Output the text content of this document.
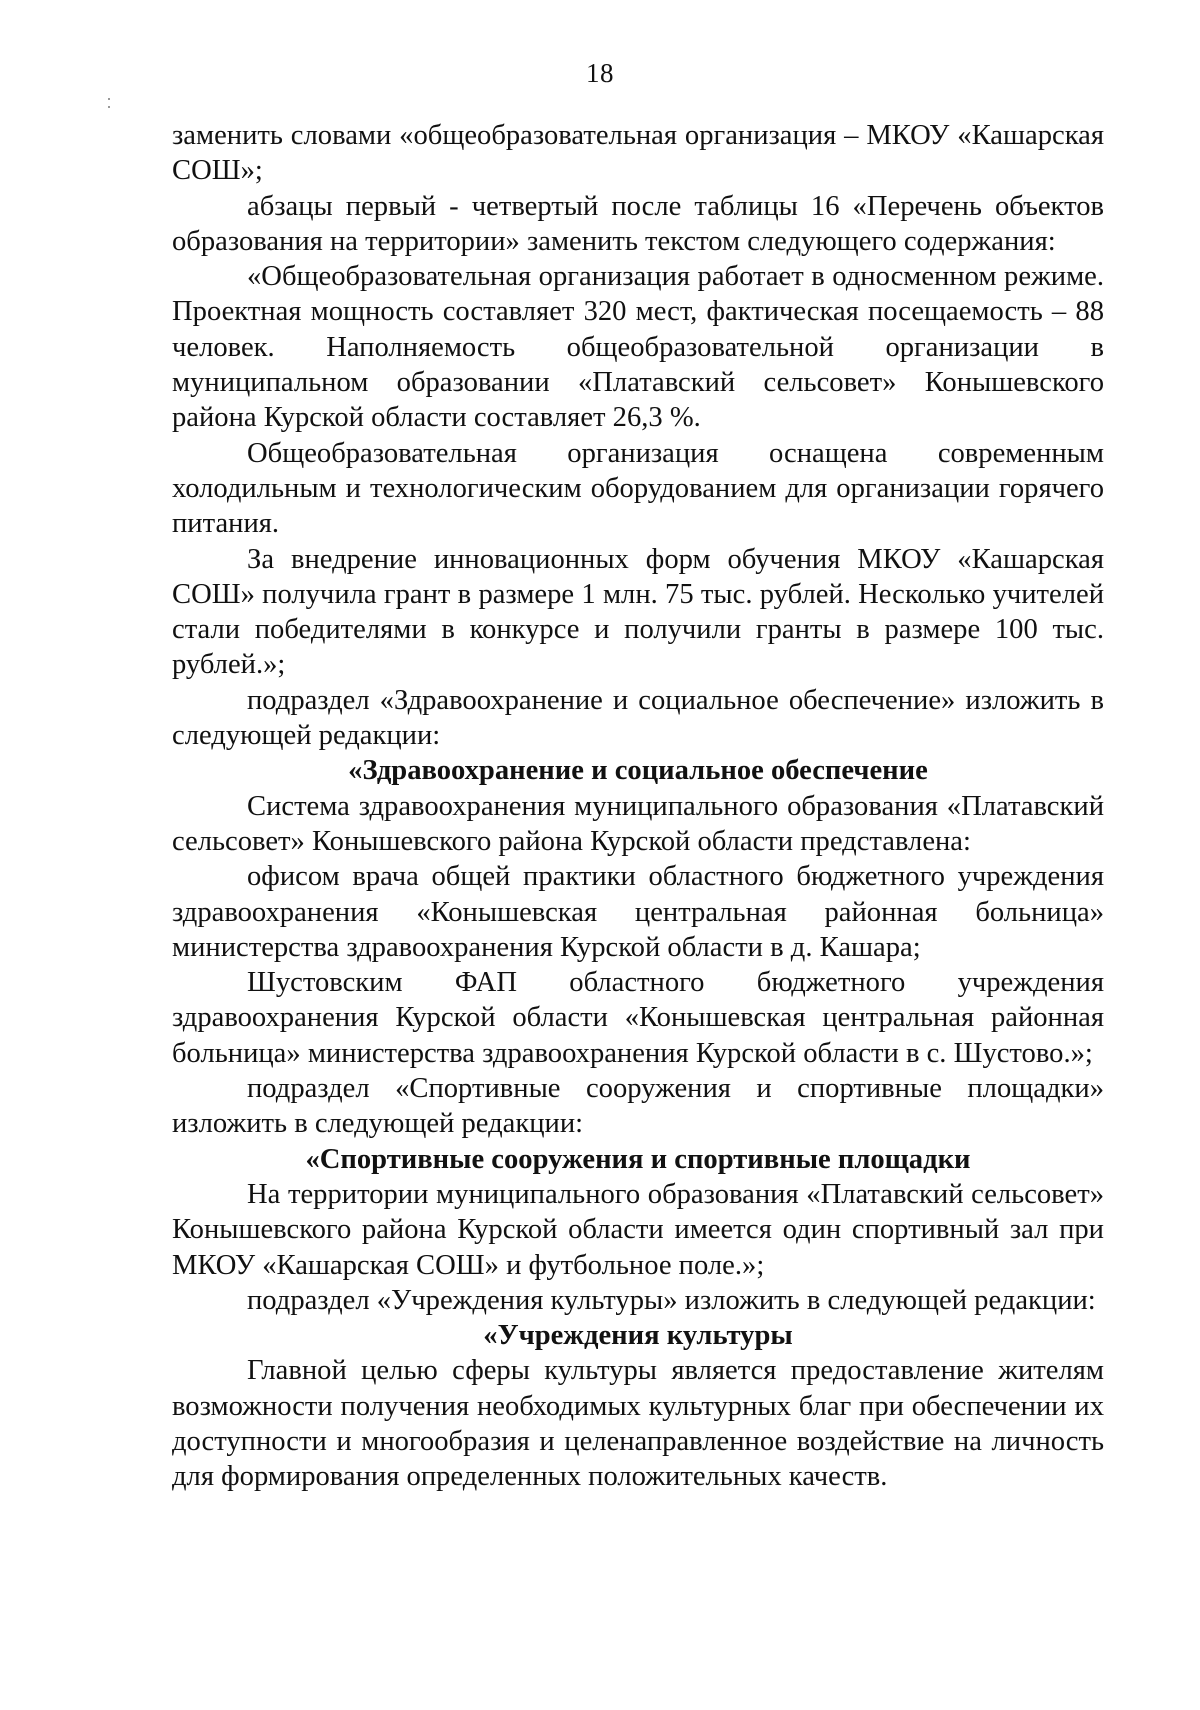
18

заменить словами «общеобразовательная организация – МКОУ «Кашарская СОШ»;

абзацы первый - четвертый после таблицы 16 «Перечень объектов образования на территории» заменить текстом следующего содержания:

«Общеобразовательная организация работает в односменном режиме. Проектная мощность составляет 320 мест, фактическая посещаемость – 88 человек. Наполняемость общеобразовательной организации в муниципальном образовании «Платавский сельсовет» Конышевского района Курской области составляет 26,3 %.

Общеобразовательная организация оснащена современным холодильным и технологическим оборудованием для организации горячего питания.

За внедрение инновационных форм обучения МКОУ «Кашарская СОШ» получила грант в размере 1 млн. 75 тыс. рублей. Несколько учителей стали победителями в конкурсе и получили гранты в размере 100 тыс. рублей.»;

подраздел «Здравоохранение и социальное обеспечение» изложить в следующей редакции:

«Здравоохранение и социальное обеспечение

Система здравоохранения муниципального образования «Платавский сельсовет» Конышевского района Курской области представлена:

офисом врача общей практики областного бюджетного учреждения здравоохранения «Конышевская центральная районная больница» министерства здравоохранения Курской области в д. Кашара;

Шустовским ФАП областного бюджетного учреждения здравоохранения Курской области «Конышевская центральная районная больница» министерства здравоохранения Курской области в с. Шустово.»;

подраздел «Спортивные сооружения и спортивные площадки» изложить в следующей редакции:

«Спортивные сооружения и спортивные площадки

На территории муниципального образования «Платавский сельсовет» Конышевского района Курской области имеется один спортивный зал при МКОУ «Кашарская СОШ» и футбольное поле.»;

подраздел «Учреждения культуры» изложить в следующей редакции:

«Учреждения культуры

Главной целью сферы культуры является предоставление жителям возможности получения необходимых культурных благ при обеспечении их доступности и многообразия и целенаправленное воздействие на личность для формирования определенных положительных качеств.
